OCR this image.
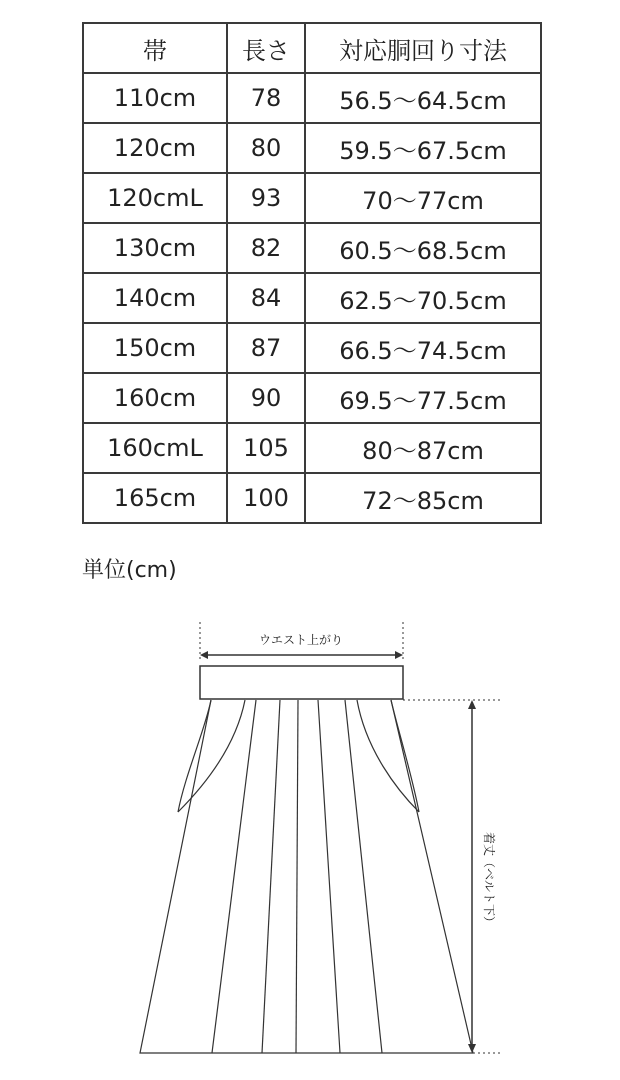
帯	長さ	対応胴回り寸法
110cm	78	56.5〜64.5cm
120cm	80	59.5〜67.5cm
120cmL	93	70〜77cm
130cm	82	60.5〜68.5cm
140cm	84	62.5〜70.5cm
150cm	87	66.5〜74.5cm
160cm	90	69.5〜77.5cm
160cmL	105	80〜87cm
165cm	100	72〜85cm
単位(cm)
ウエスト上がり
着丈（ベルト下）
